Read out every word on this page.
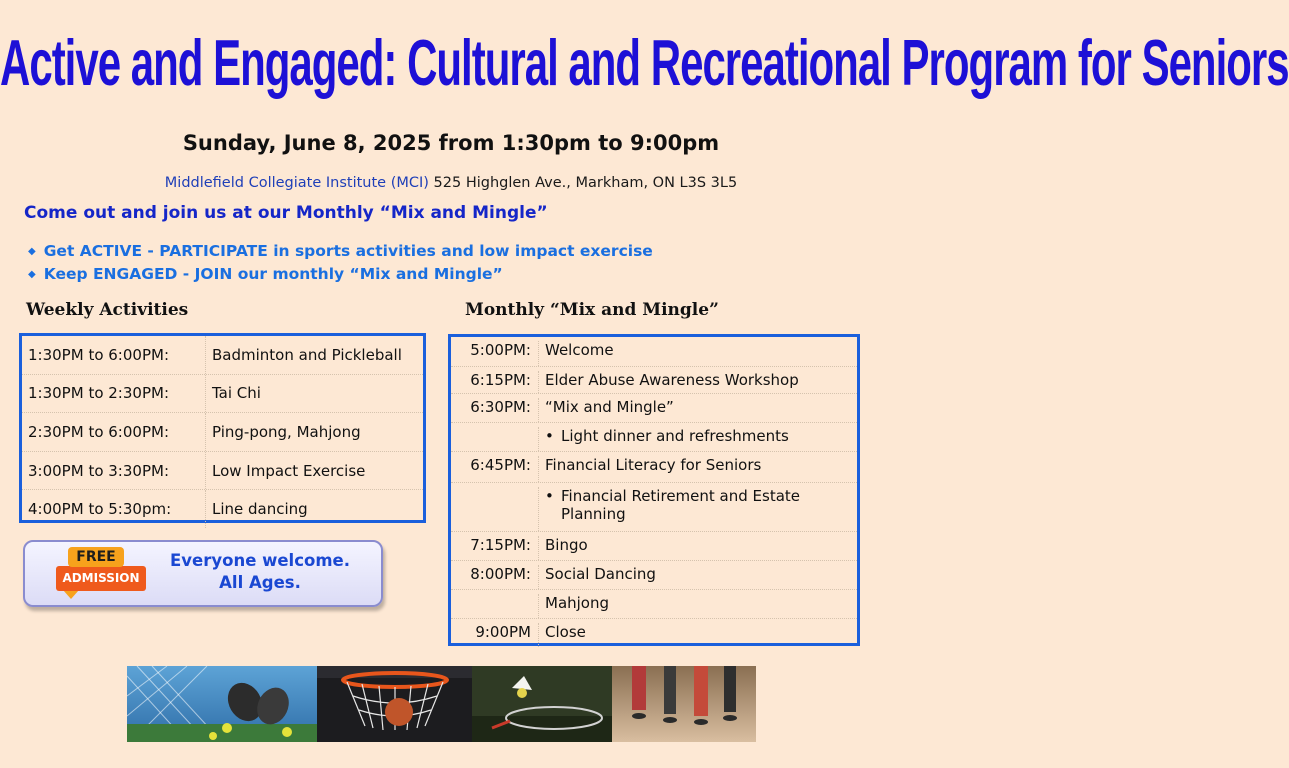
Active and Engaged: Cultural and Recreational Program for Seniors
Sunday, June 8, 2025 from 1:30pm to 9:00pm
Middlefield Collegiate Institute (MCI) 525 Highglen Ave., Markham, ON L3S 3L5
Come out and join us at our Monthly “Mix and Mingle”
◆ Get ACTIVE - PARTICIPATE in sports activities and low impact exercise
◆ Keep ENGAGED - JOIN our monthly “Mix and Mingle”
Weekly Activities	Monthly “Mix and Mingle”
1:30PM to 6:00PM:	Badminton and Pickleball
1:30PM to 2:30PM:	Tai Chi
2:30PM to 6:00PM:	Ping-pong, Mahjong
3:00PM to 3:30PM:	Low Impact Exercise
4:00PM to 5:30pm:	Line dancing
5:00PM: Welcome
6:15PM: Elder Abuse Awareness Workshop
6:30PM: “Mix and Mingle”
• Light dinner and refreshments
6:45PM: Financial Literacy for Seniors
• Financial Retirement and Estate
Planning
7:15PM: Bingo
8:00PM: Social Dancing
Mahjong
9:00PM Close
ADMISSION
FREE	Everyone welcome.
All Ages.
